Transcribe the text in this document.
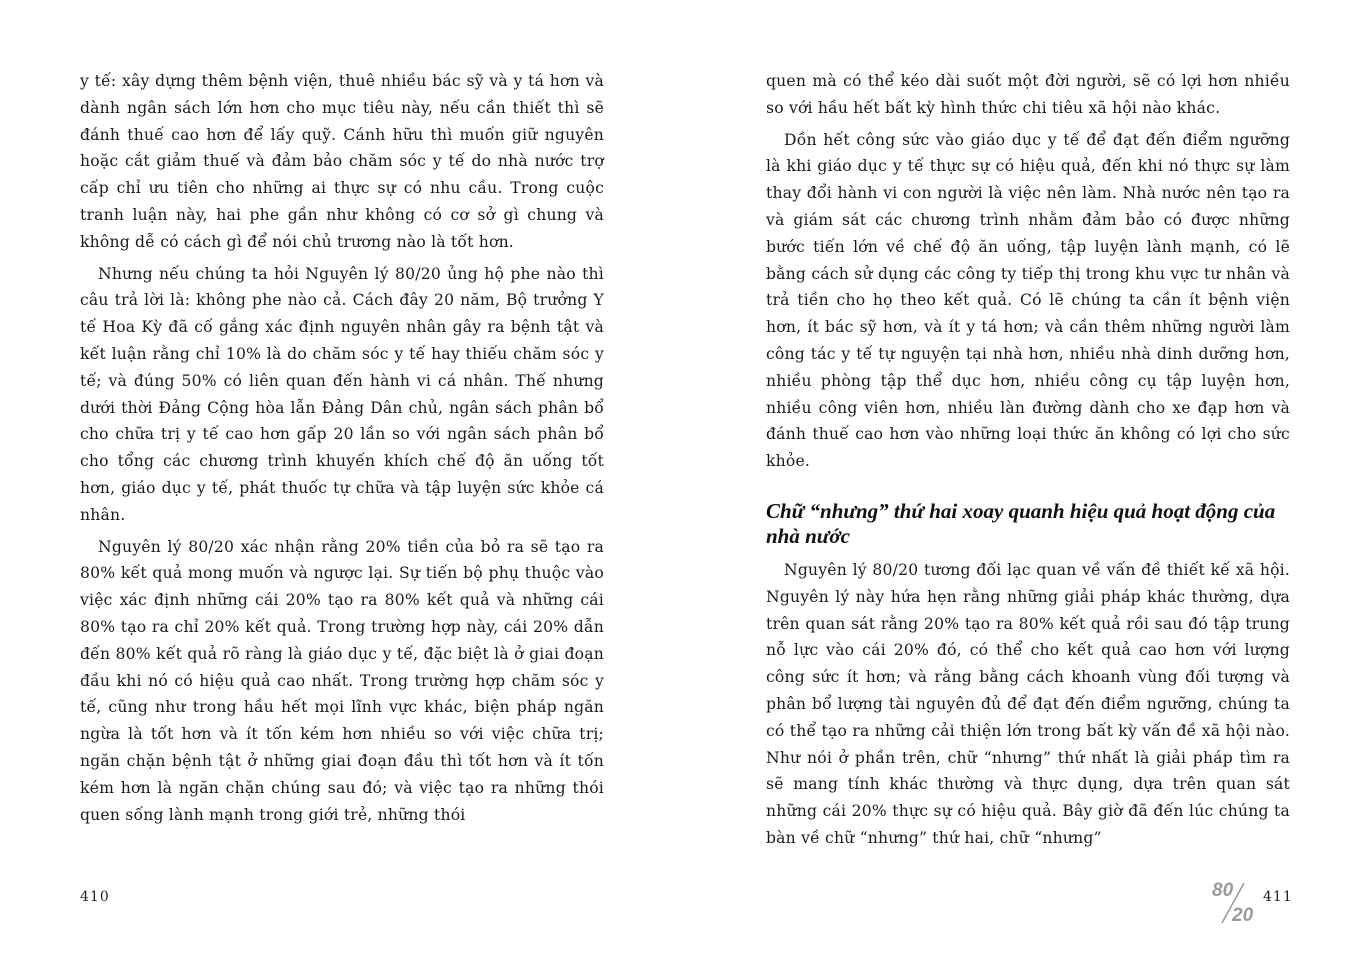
y tế: xây dựng thêm bệnh viện, thuê nhiều bác sỹ và y tá hơn và dành ngân sách lớn hơn cho mục tiêu này, nếu cần thiết thì sẽ đánh thuế cao hơn để lấy quỹ. Cánh hữu thì muốn giữ nguyên hoặc cắt giảm thuế và đảm bảo chăm sóc y tế do nhà nước trợ cấp chỉ ưu tiên cho những ai thực sự có nhu cầu. Trong cuộc tranh luận này, hai phe gần như không có cơ sở gì chung và không dễ có cách gì để nói chủ trương nào là tốt hơn.

Nhưng nếu chúng ta hỏi Nguyên lý 80/20 ủng hộ phe nào thì câu trả lời là: không phe nào cả. Cách đây 20 năm, Bộ trưởng Y tế Hoa Kỳ đã cố gắng xác định nguyên nhân gây ra bệnh tật và kết luận rằng chỉ 10% là do chăm sóc y tế hay thiếu chăm sóc y tế; và đúng 50% có liên quan đến hành vi cá nhân. Thế nhưng dưới thời Đảng Cộng hòa lẫn Đảng Dân chủ, ngân sách phân bổ cho chữa trị y tế cao hơn gấp 20 lần so với ngân sách phân bổ cho tổng các chương trình khuyến khích chế độ ăn uống tốt hơn, giáo dục y tế, phát thuốc tự chữa và tập luyện sức khỏe cá nhân.

Nguyên lý 80/20 xác nhận rằng 20% tiền của bỏ ra sẽ tạo ra 80% kết quả mong muốn và ngược lại. Sự tiến bộ phụ thuộc vào việc xác định những cái 20% tạo ra 80% kết quả và những cái 80% tạo ra chỉ 20% kết quả. Trong trường hợp này, cái 20% dẫn đến 80% kết quả rõ ràng là giáo dục y tế, đặc biệt là ở giai đoạn đầu khi nó có hiệu quả cao nhất. Trong trường hợp chăm sóc y tế, cũng như trong hầu hết mọi lĩnh vực khác, biện pháp ngăn ngừa là tốt hơn và ít tốn kém hơn nhiều so với việc chữa trị; ngăn chặn bệnh tật ở những giai đoạn đầu thì tốt hơn và ít tốn kém hơn là ngăn chặn chúng sau đó; và việc tạo ra những thói quen sống lành mạnh trong giới trẻ, những thói

410

quen mà có thể kéo dài suốt một đời người, sẽ có lợi hơn nhiều so với hầu hết bất kỳ hình thức chi tiêu xã hội nào khác.

Dồn hết công sức vào giáo dục y tế để đạt đến điểm ngưỡng là khi giáo dục y tế thực sự có hiệu quả, đến khi nó thực sự làm thay đổi hành vi con người là việc nên làm. Nhà nước nên tạo ra và giám sát các chương trình nhằm đảm bảo có được những bước tiến lớn về chế độ ăn uống, tập luyện lành mạnh, có lẽ bằng cách sử dụng các công ty tiếp thị trong khu vực tư nhân và trả tiền cho họ theo kết quả. Có lẽ chúng ta cần ít bệnh viện hơn, ít bác sỹ hơn, và ít y tá hơn; và cần thêm những người làm công tác y tế tự nguyện tại nhà hơn, nhiều nhà dinh dưỡng hơn, nhiều phòng tập thể dục hơn, nhiều công cụ tập luyện hơn, nhiều công viên hơn, nhiều làn đường dành cho xe đạp hơn và đánh thuế cao hơn vào những loại thức ăn không có lợi cho sức khỏe.

Chữ “nhưng” thứ hai xoay quanh hiệu quả hoạt động của nhà nước

Nguyên lý 80/20 tương đối lạc quan về vấn đề thiết kế xã hội. Nguyên lý này hứa hẹn rằng những giải pháp khác thường, dựa trên quan sát rằng 20% tạo ra 80% kết quả rồi sau đó tập trung nỗ lực vào cái 20% đó, có thể cho kết quả cao hơn với lượng công sức ít hơn; và rằng bằng cách khoanh vùng đối tượng và phân bổ lượng tài nguyên đủ để đạt đến điểm ngưỡng, chúng ta có thể tạo ra những cải thiện lớn trong bất kỳ vấn đề xã hội nào. Như nói ở phần trên, chữ “nhưng” thứ nhất là giải pháp tìm ra sẽ mang tính khác thường và thực dụng, dựa trên quan sát những cái 20% thực sự có hiệu quả. Bây giờ đã đến lúc chúng ta bàn về chữ “nhưng” thứ hai, chữ “nhưng”

80
20
411
